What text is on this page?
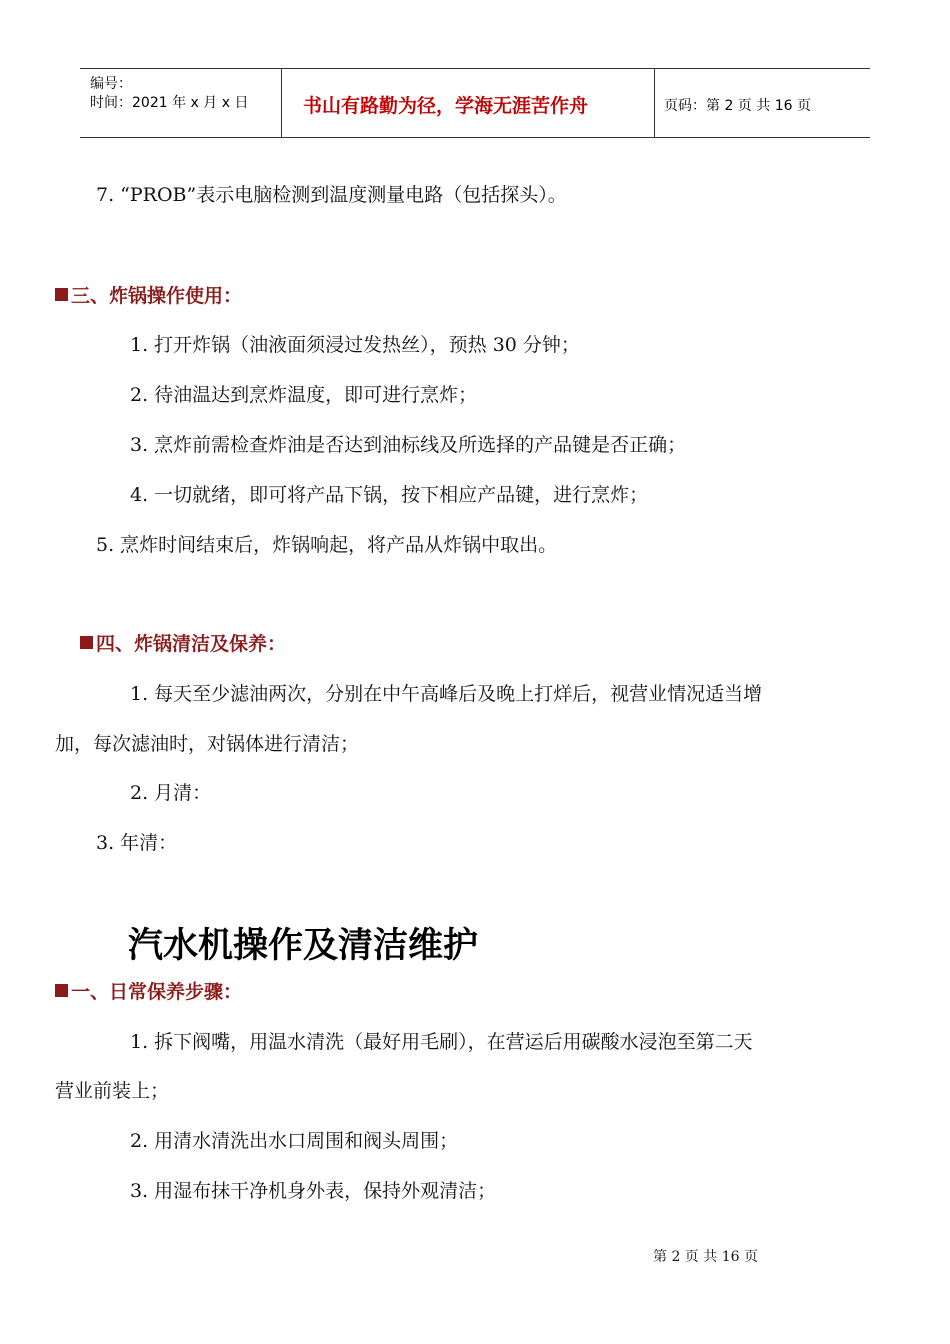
编号：
时间：2021 年 x 月 x 日	书山有路勤为径，学海无涯苦作舟	页码：第 2 页 共 16 页
7. “PROB”表示电脑检测到温度测量电路（包括探头）。
三、炸锅操作使用：
1. 打开炸锅（油液面须浸过发热丝），预热 30 分钟；
2. 待油温达到烹炸温度，即可进行烹炸；
3. 烹炸前需检查炸油是否达到油标线及所选择的产品键是否正确；
4. 一切就绪，即可将产品下锅，按下相应产品键，进行烹炸；
5. 烹炸时间结束后，炸锅响起，将产品从炸锅中取出。
四、炸锅清洁及保养：
1. 每天至少滤油两次，分别在中午高峰后及晚上打烊后，视营业情况适当增
加，每次滤油时，对锅体进行清洁；
2. 月清：
3. 年清：
汽水机操作及清洁维护
一、日常保养步骤：
1. 拆下阀嘴，用温水清洗（最好用毛刷），在营运后用碳酸水浸泡至第二天
营业前装上；
2. 用清水清洗出水口周围和阀头周围；
3. 用湿布抹干净机身外表，保持外观清洁；
第 2 页 共 16 页
